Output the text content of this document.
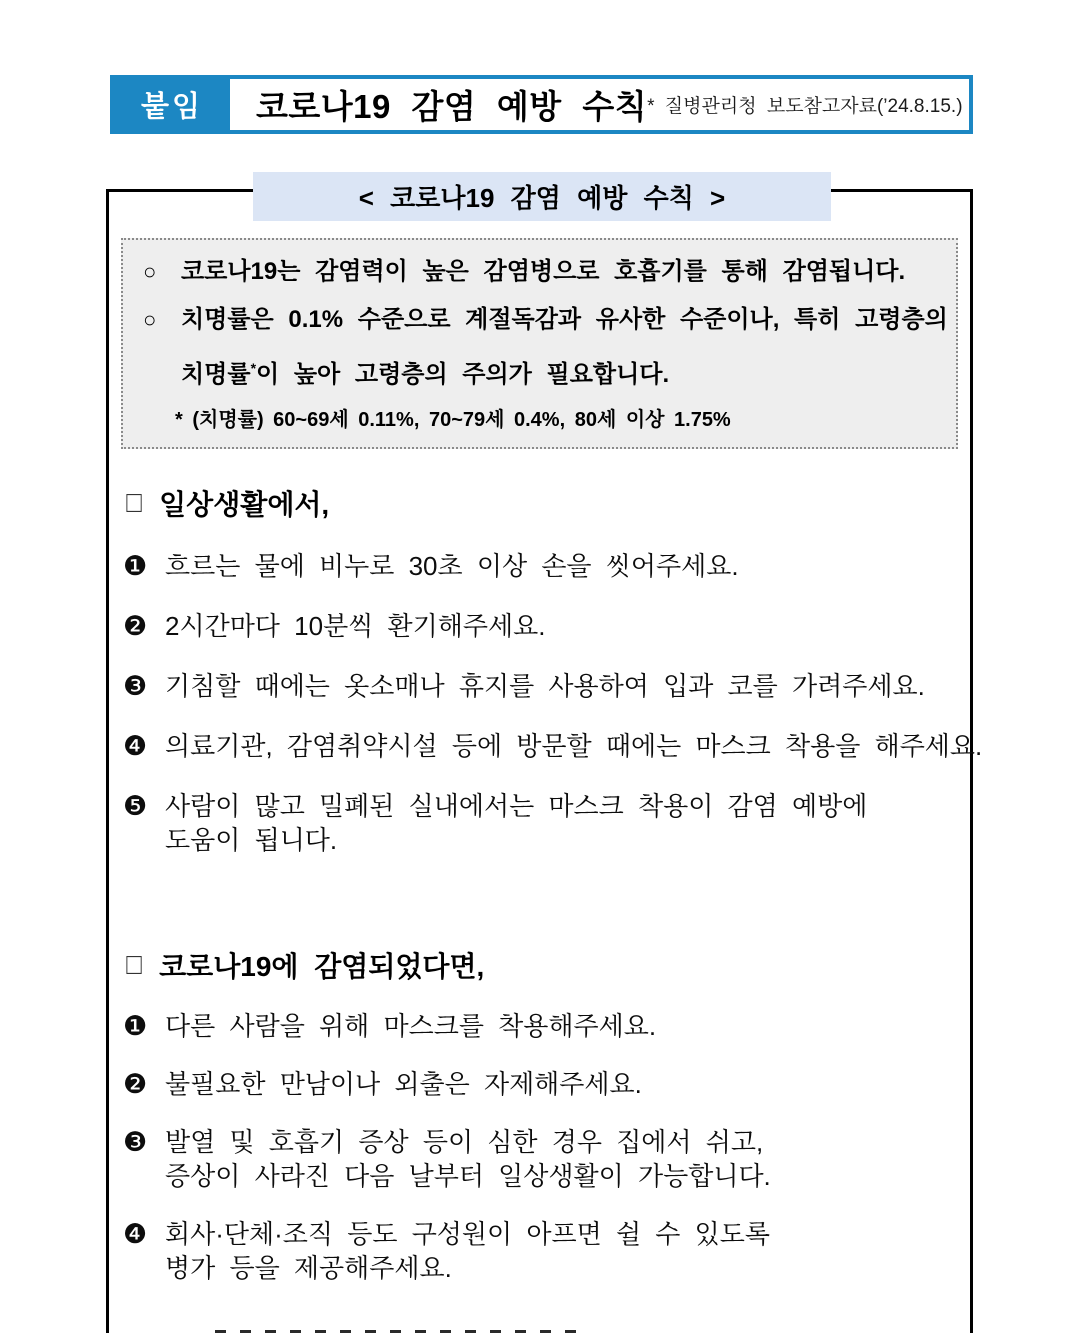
붙임	코로나19 감염 예방 수칙 * 질병관리청 보도참고자료(’24.8.15.)
< 코로나19 감염 예방 수칙 >
○	코로나19는 감염력이 높은 감염병으로 호흡기를 통해 감염됩니다.
○	치명률은 0.1% 수준으로 계절독감과 유사한 수준이나, 특히 고령층의 치명률*이 높아 고령층의 주의가 필요합니다.
* (치명률) 60~69세 0.11%, 70~79세 0.4%, 80세 이상 1.75%
□ 일상생활에서,
❶ 흐르는 물에 비누로 30초 이상 손을 씻어주세요.
❷ 2시간마다 10분씩 환기해주세요.
❸ 기침할 때에는 옷소매나 휴지를 사용하여 입과 코를 가려주세요.
❹ 의료기관, 감염취약시설 등에 방문할 때에는 마스크 착용을 해주세요.
❺ 사람이 많고 밀폐된 실내에서는 마스크 착용이 감염 예방에 도움이 됩니다.
□ 코로나19에 감염되었다면,
❶ 다른 사람을 위해 마스크를 착용해주세요.
❷ 불필요한 만남이나 외출은 자제해주세요.
❸ 발열 및 호흡기 증상 등이 심한 경우 집에서 쉬고, 증상이 사라진 다음 날부터 일상생활이 가능합니다.
❹ 회사·단체·조직 등도 구성원이 아프면 쉴 수 있도록 병가 등을 제공해주세요.
